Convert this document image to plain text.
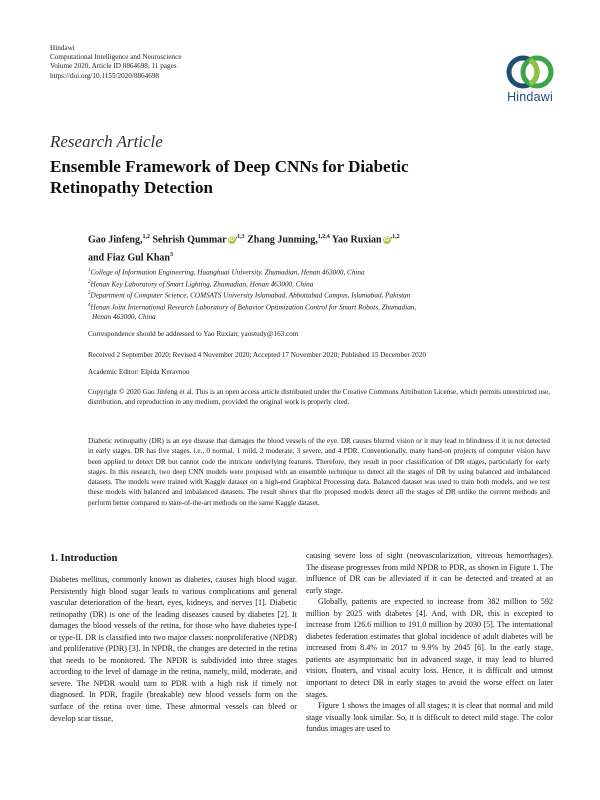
Hindawi
Computational Intelligence and Neuroscience
Volume 2020, Article ID 8864698, 11 pages
https://doi.org/10.1155/2020/8864698
Hindawi
Research Article
Ensemble Framework of Deep CNNs for Diabetic
Retinopathy Detection
Gao Jinfeng,$^{1,2}$ Sehrish Qummar $iD^{,1,3}$ Zhang Junming,$^{1,2,4}$ Yao Ruxian $iD^{,1,2}$
and Fiaz Gul Khan$^3$
$^1$College of Information Engineering, Huanghuai University, Zhumadian, Henan 463000, China
$^2$Henan Key Laboratory of Smart Lighting, Zhumadian, Henan 463000, China
$^3$Department of Computer Science, COMSATS University Islamabad, Abbottabad Campus, Islamabad, Pakistan
$^4$Henan Joint International Research Laboratory of Behavior Optimization Control for Smart Robots, Zhumadian,
Henan 463000, China
Correspondence should be addressed to Yao Ruxian; yaostudy@163.com
Received 2 September 2020; Revised 4 November 2020; Accepted 17 November 2020; Published 15 December 2020
Academic Editor: Elpida Keravnou
Copyright © 2020 Gao Jinfeng et al. This is an open access article distributed under the Creative Commons Attribution License, which permits unrestricted use, distribution, and reproduction in any medium, provided the original work is properly cited.
Diabetic retinopathy (DR) is an eye disease that damages the blood vessels of the eye. DR causes blurred vision or it may lead to blindness if it is not detected in early stages. DR has five stages, i.e., 0 normal, 1 mild, 2 moderate, 3 severe, and 4 PDR. Conventionally, many hand-on projects of computer vision have been applied to detect DR but cannot code the intricate underlying features. Therefore, they result in poor classification of DR stages, particularly for early stages. In this research, two deep CNN models were proposed with an ensemble technique to detect all the stages of DR by using balanced and imbalanced datasets. The models were trained with Kaggle dataset on a high-end Graphical Processing data. Balanced dataset was used to train both models, and we test these models with balanced and imbalanced datasets. The result shows that the proposed models detect all the stages of DR unlike the current methods and perform better compared to state-of-the-art methods on the same Kaggle dataset.
1. Introduction

Diabetes mellitus, commonly known as diabetes, causes high blood sugar. Persistently high blood sugar leads to various complications and general vascular deterioration of the heart, eyes, kidneys, and nerves [1]. Diabetic retinopathy (DR) is one of the leading diseases caused by diabetes [2]. It damages the blood vessels of the retina, for those who have diabetes type-I or type-II. DR is classified into two major classes: nonproliferative (NPDR) and proliferative (PDR) [3]. In NPDR, the changes are detected in the retina that needs to be monitored. The NPDR is subdivided into three stages according to the level of damage in the retina, namely, mild, moderate, and severe. The NPDR would turn to PDR with a high risk if timely not diagnosed. In PDR, fragile (breakable) new blood vessels form on the surface of the retina over time. These abnormal vessels can bleed or develop scar tissue,

causing severe loss of sight (neovascularization, vitreous hemorrhages). The disease progresses from mild NPDR to PDR, as shown in Figure 1. The influence of DR can be alleviated if it can be detected and treated at an early stage.

Globally, patients are expected to increase from 382 million to 592 million by 2025 with diabetes [4]. And, with DR, this is excepted to increase from 126.6 million to 191.0 million by 2030 [5]. The international diabetes federation estimates that global incidence of adult diabetes will be increased from 8.4% in 2017 to 9.9% by 2045 [6]. In the early stage, patients are asymptomatic but in advanced stage, it may lead to blurred vision, floaters, and visual acuity loss. Hence, it is difficult and utmost important to detect DR in early stages to avoid the worse effect on later stages.

Figure 1 shows the images of all stages; it is clear that normal and mild stage visually look similar. So, it is difficult to detect mild stage. The color fundus images are used to
